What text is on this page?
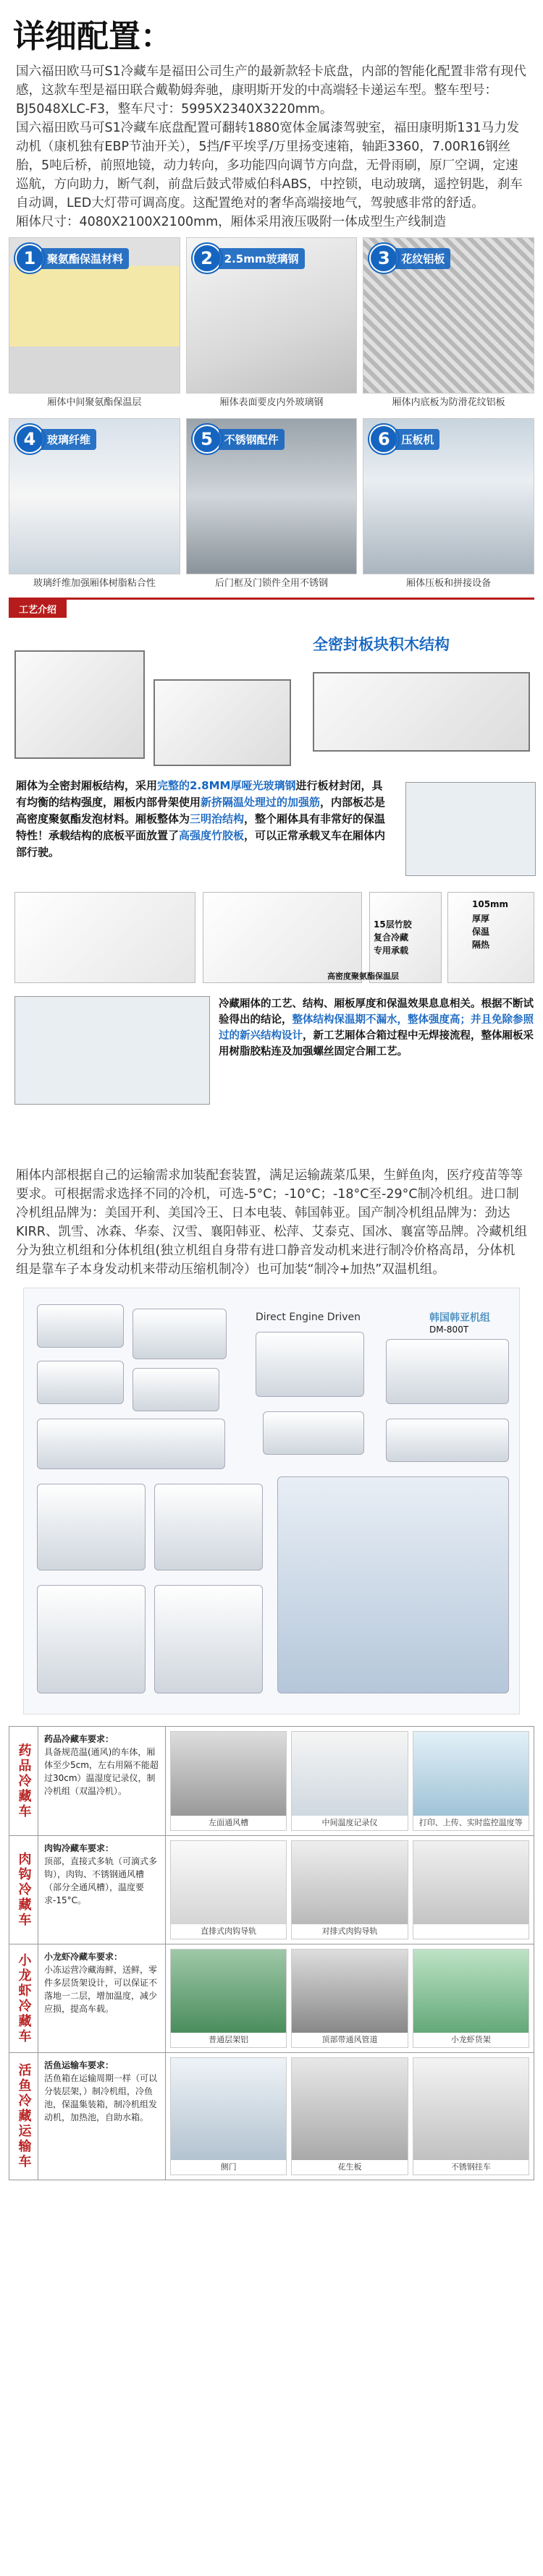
详细配置：

国六福田欧马可S1冷藏车是福田公司生产的最新款轻卡底盘，内部的智能化配置非常有现代感，这款车型是福田联合戴勒姆奔驰，康明斯开发的中高端轻卡递运车型。整车型号：BJ5048XLC-F3，整车尺寸：5995X2340X3220mm。

国六福田欧马可S1冷藏车底盘配置可翻转1880宽体金属漆驾驶室，福田康明斯131马力发动机（康机独有EBP节油开关），5挡/F平埃孚/万里扬变速箱，轴距3360，7.00R16钢丝胎，5吨后桥，前照地镜，动力转向，多功能四向调节方向盘，无骨雨刷，原厂空调，定速巡航，方向助力，断气刹，前盘后鼓式带威伯科ABS，中控锁，电动玻璃，遥控钥匙，刹车自动调，LED大灯带可调高度。这配置绝对的奢华高端接地气，驾驶感非常的舒适。

厢体尺寸：4080X2100X2100mm，厢体采用液压吸附一体成型生产线制造

1	聚氨酯保温材料
厢体中间聚氨酯保温层
2	2.5mm玻璃钢
厢体表面要皮内外玻璃钢
3	花纹铝板
厢体内底板为防滑花纹铝板
4	玻璃纤维
玻璃纤维加强厢体树脂粘合性
5	不锈钢配件
后门框及门锁件全用不锈钢
6	压板机
厢体压板和拼接设备
工艺介绍
全密封板块积木结构
厢体为全密封厢板结构，采用完整的2.8MM厚哑光玻璃钢进行板材封闭，具有均衡的结构强度，厢板内部骨架使用新挤隔温处理过的加强筋，内部板芯是高密度聚氨酯发泡材料。厢板整体为三明治结构，整个厢体具有非常好的保温特性！承载结构的底板平面放置了高强度竹胶板，可以正常承载叉车在厢体内部行驶。
15层竹胶
复合冷藏
专用承载
105mm
厚厚
保温
隔热
高密度聚氨酯保温层
冷藏厢体的工艺、结构、厢板厚度和保温效果息息相关。根据不断试验得出的结论，整体结构保温期不漏水，整体强度高；并且免除参照过的新兴结构设计，新工艺厢体合箱过程中无焊接流程，整体厢板采用树脂胶粘连及加强螺丝固定合厢工艺。
厢体内部根据自己的运输需求加装配套装置，满足运输蔬菜瓜果，生鲜鱼肉，医疗疫苗等等要求。可根据需求选择不同的冷机，可选-5°C；-10°C；-18°C至-29°C制冷机组。进口制冷机组品牌为：美国开利、美国冷王、日本电装、韩国韩亚。国产制冷机组品牌为：劲达KIRR、凯雪、冰森、华泰、汉雪、襄阳韩亚、松萍、艾泰克、国冰、襄富等品牌。冷藏机组分为独立机组和分体机组(独立机组自身带有进口静音发动机来进行制冷价格高昂，分体机组是靠车子本身发动机来带动压缩机制冷）也可加装“制冷+加热”双温机组。
Direct Engine Driven	韩国韩亚机组
DM-800T
药品冷藏车
药品冷藏车要求：
具备规范温(通风)的车体，厢体至少5cm，左右用隔不能超过30cm）温湿度记录仪，制冷机组（双温冷机）。
左面通风槽	中间温度记录仪	打印、上传、实时监控温度等
肉钩冷藏车
肉钩冷藏车要求：
顶部，直接式多轨（可滴式多钩），肉钩、不锈钢通风槽（部分全通风槽），温度要求-15°C。
直排式肉钩导轨	对排式肉钩导轨
小龙虾冷藏车	小龙虾冷藏车要求：
小冻运营冷藏海鲜，送鲜，零件多层货架设计，可以保证不落地一二层，增加温度，减少应损，提高车载。
普通层架铝	顶部带通风管道	小龙虾货架
活鱼冷藏运输车	活鱼运输车要求：
活鱼箱在运输周期一样（可以分装层架，）制冷机组，冷鱼池，保温集装箱，制冷机组发动机，加热池，自助水箱。
侧门	花生板	不锈钢挂车
